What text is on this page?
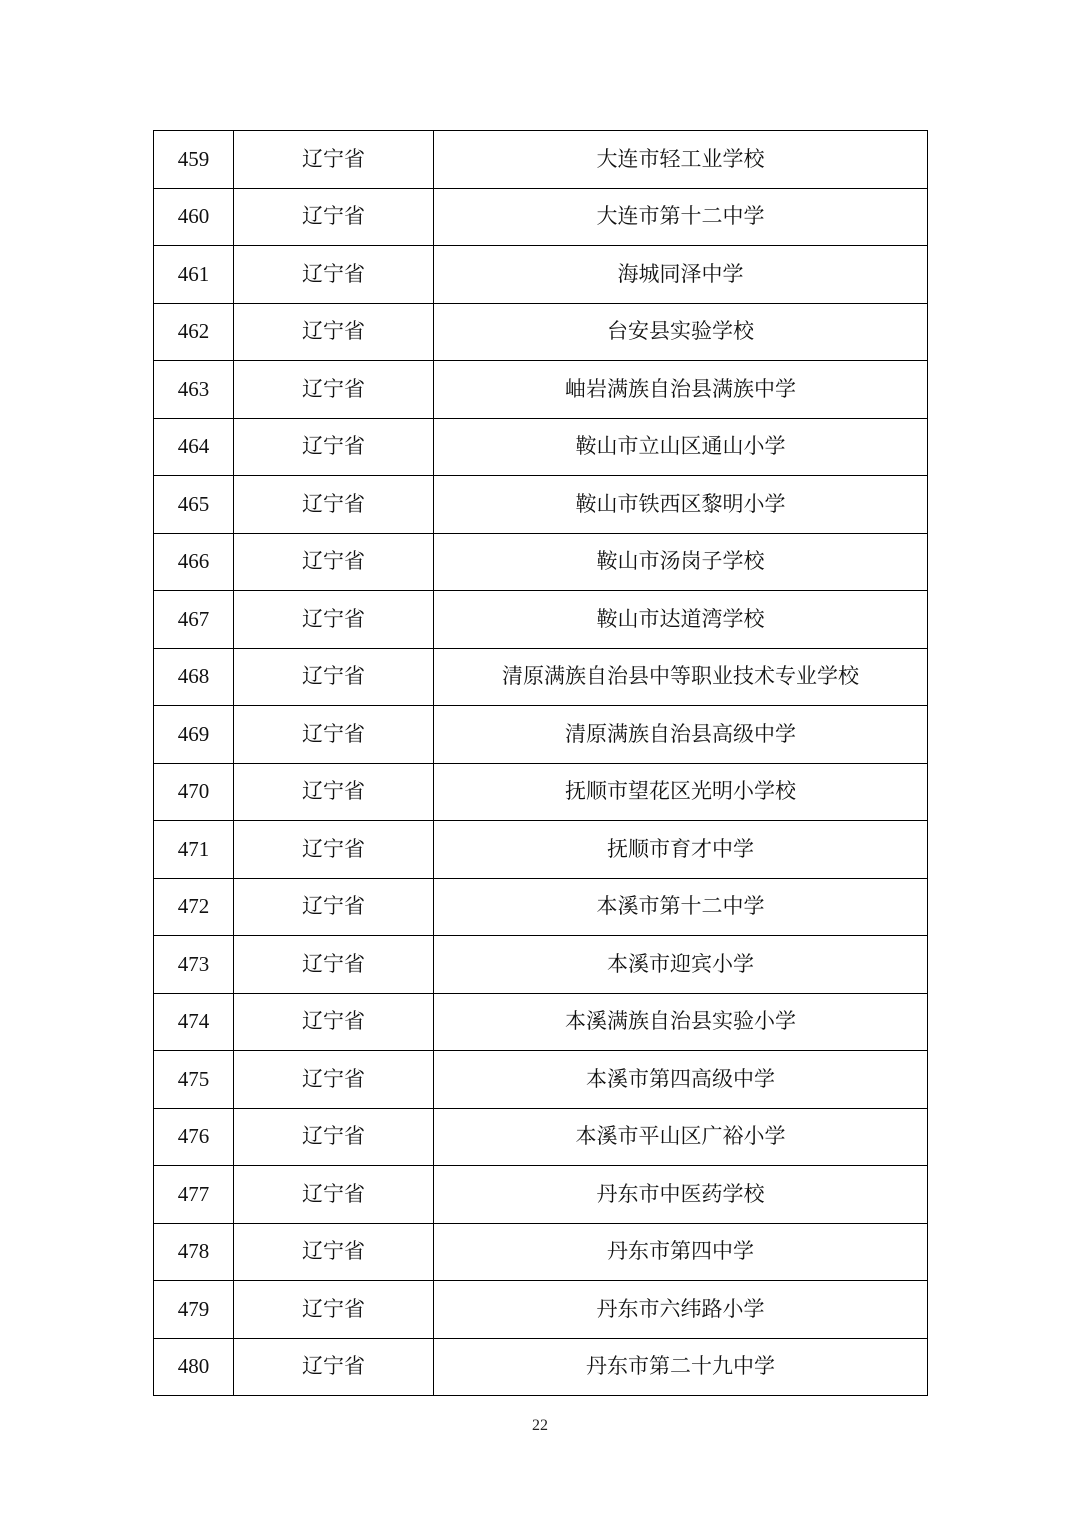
459	辽宁省	大连市轻工业学校
460	辽宁省	大连市第十二中学
461	辽宁省	海城同泽中学
462	辽宁省	台安县实验学校
463	辽宁省	岫岩满族自治县满族中学
464	辽宁省	鞍山市立山区通山小学
465	辽宁省	鞍山市铁西区黎明小学
466	辽宁省	鞍山市汤岗子学校
467	辽宁省	鞍山市达道湾学校
468	辽宁省	清原满族自治县中等职业技术专业学校
469	辽宁省	清原满族自治县高级中学
470	辽宁省	抚顺市望花区光明小学校
471	辽宁省	抚顺市育才中学
472	辽宁省	本溪市第十二中学
473	辽宁省	本溪市迎宾小学
474	辽宁省	本溪满族自治县实验小学
475	辽宁省	本溪市第四高级中学
476	辽宁省	本溪市平山区广裕小学
477	辽宁省	丹东市中医药学校
478	辽宁省	丹东市第四中学
479	辽宁省	丹东市六纬路小学
480	辽宁省	丹东市第二十九中学
22
